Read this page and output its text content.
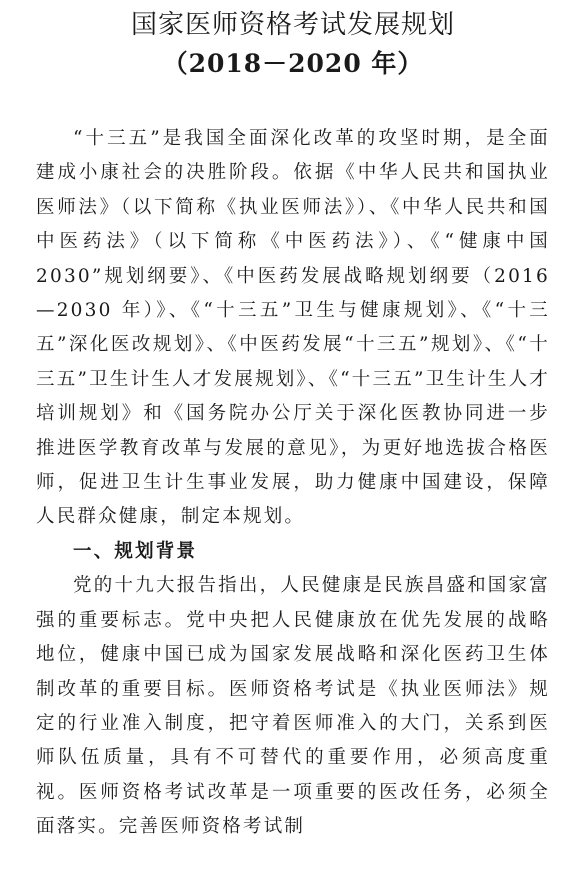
国家医师资格考试发展规划
（2018－2020 年）

“十三五”是我国全面深化改革的攻坚时期，是全面建成小康社会的决胜阶段。依据《中华人民共和国执业医师法》（以下简称《执业医师法》）、《中华人民共和国中医药法》（以下简称《中医药法》）、《“健康中国 2030”规划纲要》、《中医药发展战略规划纲要（2016—2030 年）》、《“十三五”卫生与健康规划》、《“十三五”深化医改规划》、《中医药发展“十三五”规划》、《“十三五”卫生计生人才发展规划》、《“十三五”卫生计生人才培训规划》和《国务院办公厅关于深化医教协同进一步推进医学教育改革与发展的意见》，为更好地选拔合格医师，促进卫生计生事业发展，助力健康中国建设，保障人民群众健康，制定本规划。

一、规划背景

党的十九大报告指出，人民健康是民族昌盛和国家富强的重要标志。党中央把人民健康放在优先发展的战略地位，健康中国已成为国家发展战略和深化医药卫生体制改革的重要目标。医师资格考试是《执业医师法》规定的行业准入制度，把守着医师准入的大门，关系到医师队伍质量，具有不可替代的重要作用，必须高度重视。医师资格考试改革是一项重要的医改任务，必须全面落实。完善医师资格考试制
